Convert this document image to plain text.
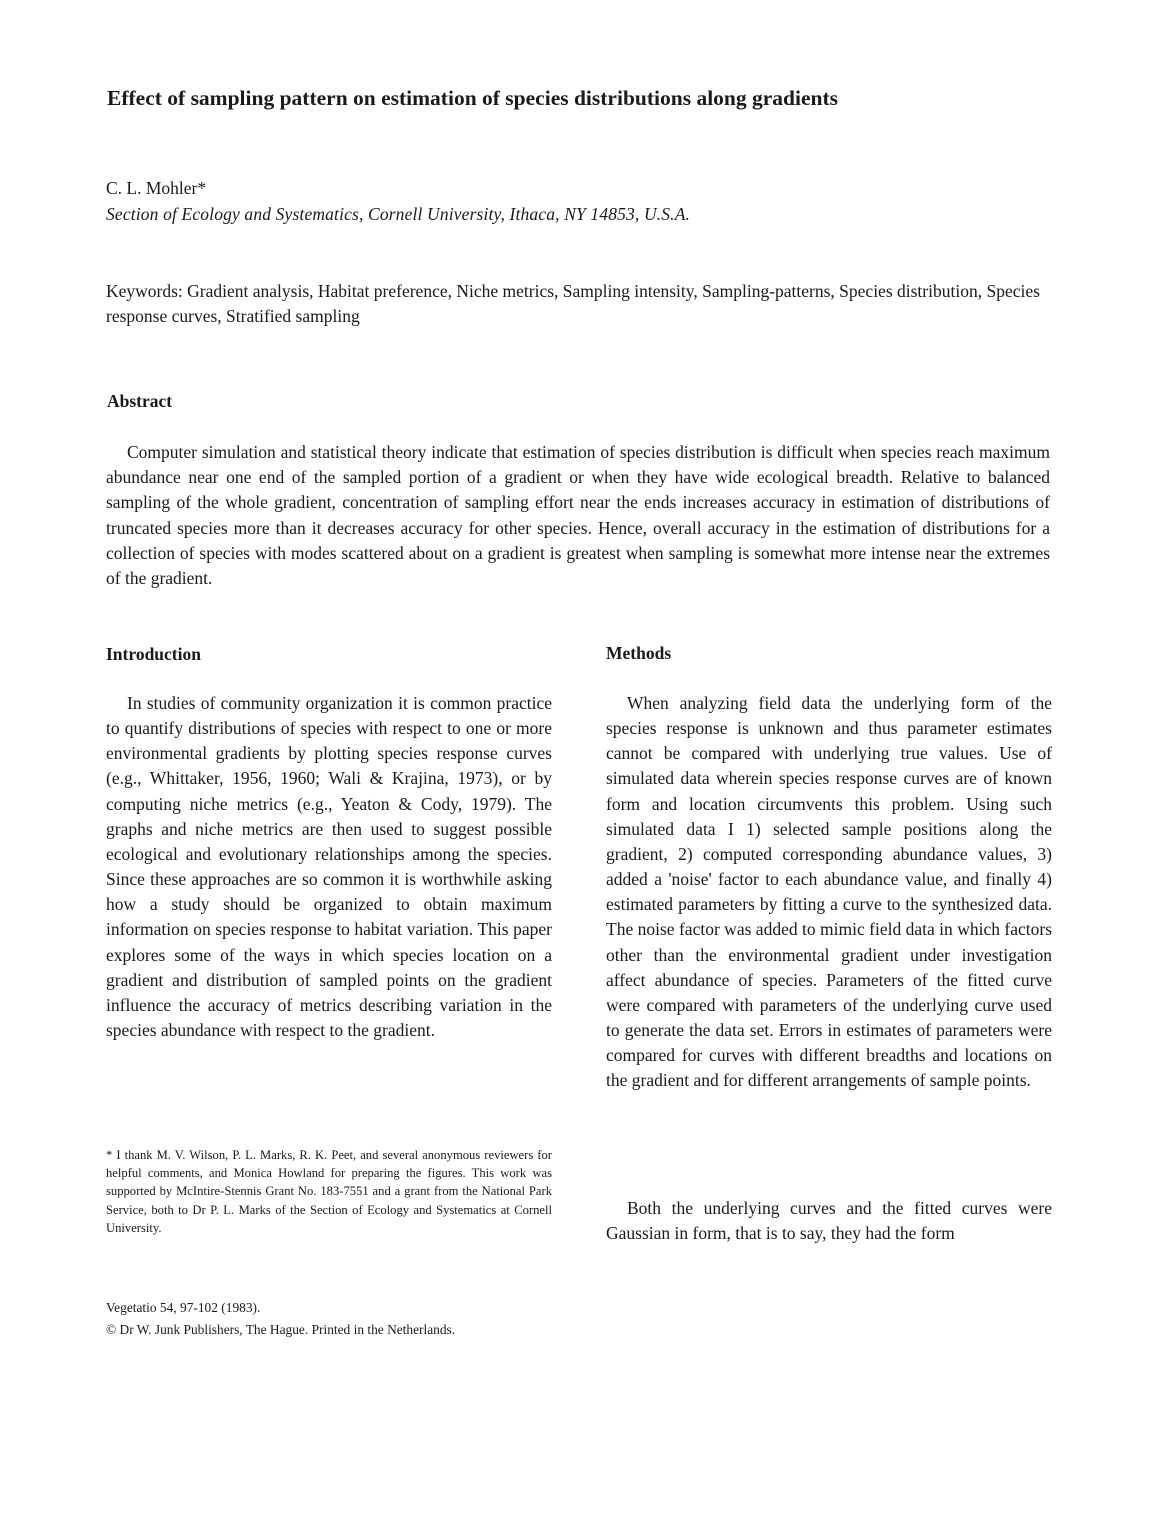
Effect of sampling pattern on estimation of species distributions along gradients
C. L. Mohler*
Section of Ecology and Systematics, Cornell University, Ithaca, NY 14853, U.S.A.

Keywords: Gradient analysis, Habitat preference, Niche metrics, Sampling intensity, Sampling-patterns, Species distribution, Species response curves, Stratified sampling

Abstract

Computer simulation and statistical theory indicate that estimation of species distribution is difficult when species reach maximum abundance near one end of the sampled portion of a gradient or when they have wide ecological breadth. Relative to balanced sampling of the whole gradient, concentration of sampling effort near the ends increases accuracy in estimation of distributions of truncated species more than it decreases accuracy for other species. Hence, overall accuracy in the estimation of distributions for a collection of species with modes scattered about on a gradient is greatest when sampling is somewhat more intense near the extremes of the gradient.

Introduction

In studies of community organization it is common practice to quantify distributions of species with respect to one or more environmental gradients by plotting species response curves (e.g., Whittaker, 1956, 1960; Wali & Krajina, 1973), or by computing niche metrics (e.g., Yeaton & Cody, 1979). The graphs and niche metrics are then used to suggest possible ecological and evolutionary relationships among the species. Since these approaches are so common it is worthwhile asking how a study should be organized to obtain maximum information on species response to habitat variation. This paper explores some of the ways in which species location on a gradient and distribution of sampled points on the gradient influence the accuracy of metrics describing variation in the species abundance with respect to the gradient.

* I thank M. V. Wilson, P. L. Marks, R. K. Peet, and several anonymous reviewers for helpful comments, and Monica Howland for preparing the figures. This work was supported by McIntire-Stennis Grant No. 183-7551 and a grant from the National Park Service, both to Dr P. L. Marks of the Section of Ecology and Systematics at Cornell University.

Methods

When analyzing field data the underlying form of the species response is unknown and thus parameter estimates cannot be compared with underlying true values. Use of simulated data wherein species response curves are of known form and location circumvents this problem. Using such simulated data I 1) selected sample positions along the gradient, 2) computed corresponding abundance values, 3) added a 'noise' factor to each abundance value, and finally 4) estimated parameters by fitting a curve to the synthesized data. The noise factor was added to mimic field data in which factors other than the environmental gradient under investigation affect abundance of species. Parameters of the fitted curve were compared with parameters of the underlying curve used to generate the data set. Errors in estimates of parameters were compared for curves with different breadths and locations on the gradient and for different arrangements of sample points.

Both the underlying curves and the fitted curves were Gaussian in form, that is to say, they had the form

Vegetatio 54, 97-102 (1983).
© Dr W. Junk Publishers, The Hague. Printed in the Netherlands.
